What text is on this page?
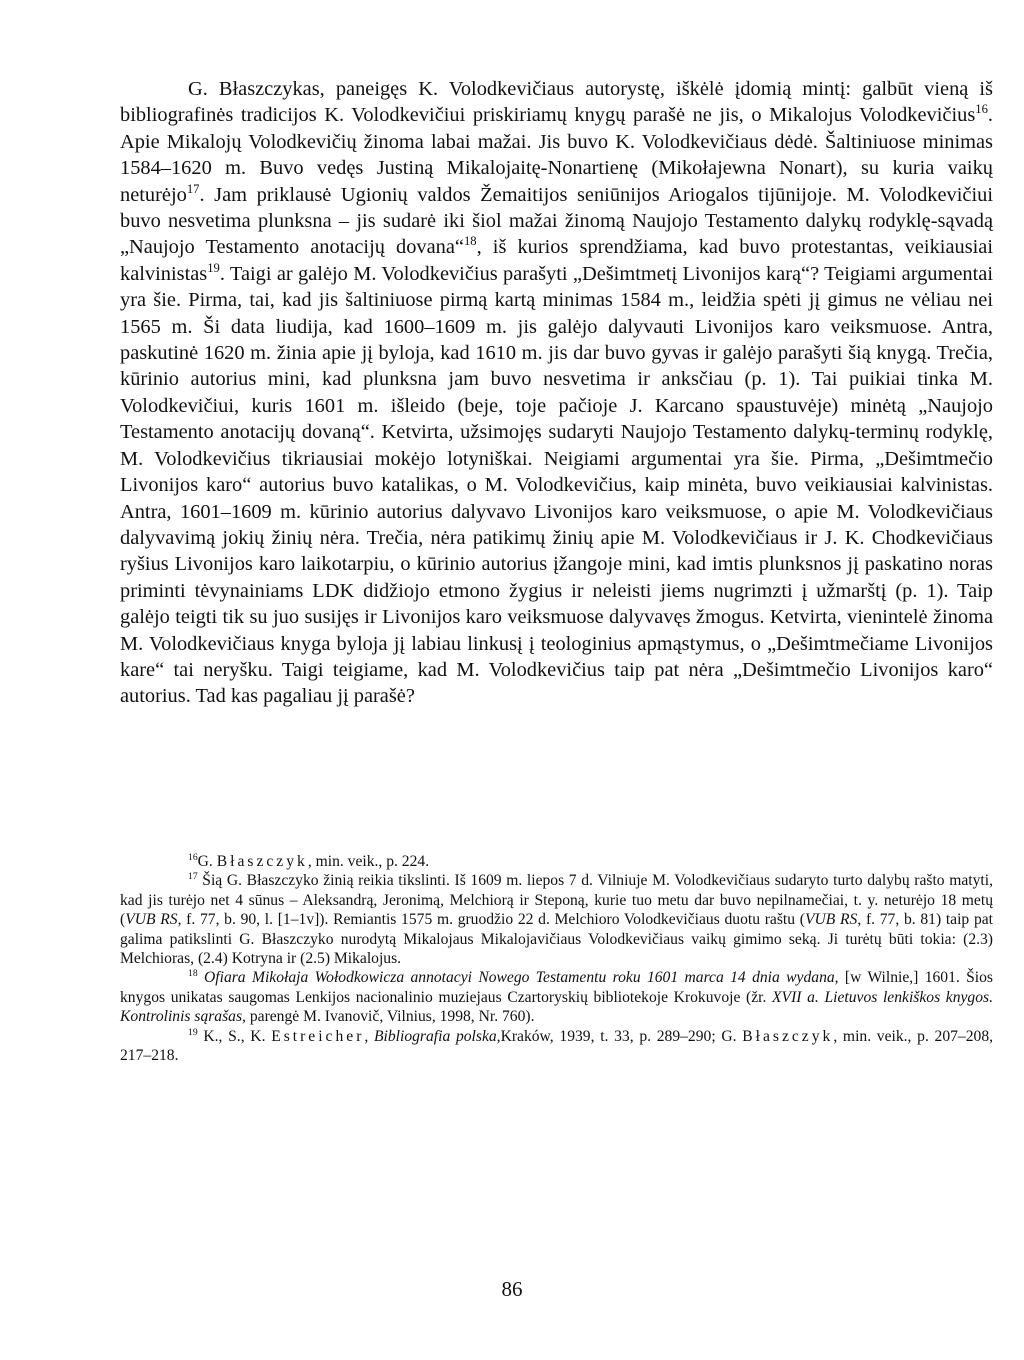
G. Błaszczykas, paneigęs K. Volodkevičiaus autorystę, iškėlė įdomią mintį: galbūt vieną iš bibliografinės tradicijos K. Volodkevičiui priskiriamų knygų parašė ne jis, o Mikalojus Volodkevičius$^{16}$. Apie Mikalojų Volodkevičių žinoma labai mažai. Jis buvo K. Volodkevičiaus dėdė. Šaltiniuose minimas 1584–1620 m. Buvo vedęs Justiną Mikalojaitę-Nonartienę (Mikołajewna Nonart), su kuria vaikų neturėjo$^{17}$. Jam priklausė Ugionių valdos Žemaitijos seniūnijos Ariogalos tijūnijoje. M. Volodkevičiui buvo nesvetima plunksna – jis sudarė iki šiol mažai žinomą Naujojo Testamento dalykų rodyklę-sąvadą „Naujojo Testamento anotacijų dovana“$^{18}$, iš kurios sprendžiama, kad buvo protestantas, veikiausiai kalvinistas$^{19}$. Taigi ar galėjo M. Volodkevičius parašyti „Dešimtmetį Livonijos karą“? Teigiami argumentai yra šie. Pirma, tai, kad jis šaltiniuose pirmą kartą minimas 1584 m., leidžia spėti jį gimus ne vėliau nei 1565 m. Ši data liudija, kad 1600–1609 m. jis galėjo dalyvauti Livonijos karo veiksmuose. Antra, paskutinė 1620 m. žinia apie jį byloja, kad 1610 m. jis dar buvo gyvas ir galėjo parašyti šią knygą. Trečia, kūrinio autorius mini, kad plunksna jam buvo nesvetima ir anksčiau (p. 1). Tai puikiai tinka M. Volodkevičiui, kuris 1601 m. išleido (beje, toje pačioje J. Karcano spaustuvėje) minėtą „Naujojo Testamento anotacijų dovaną“. Ketvirta, užsimojęs sudaryti Naujojo Testamento dalykų-terminų rodyklę, M. Volodkevičius tikriausiai mokėjo lotyniškai. Neigiami argumentai yra šie. Pirma, „Dešimtmečio Livonijos karo“ autorius buvo katalikas, o M. Volodkevičius, kaip minėta, buvo veikiausiai kalvinistas. Antra, 1601–1609 m. kūrinio autorius dalyvavo Livonijos karo veiksmuose, o apie M. Volodkevičiaus dalyvavimą jokių žinių nėra. Trečia, nėra patikimų žinių apie M. Volodkevičiaus ir J. K. Chodkevičiaus ryšius Livonijos karo laikotarpiu, o kūrinio autorius įžangoje mini, kad imtis plunksnos jį paskatino noras priminti tėvynainiams LDK didžiojo etmono žygius ir neleisti jiems nugrimzti į užmarštį (p. 1). Taip galėjo teigti tik su juo susijęs ir Livonijos karo veiksmuose dalyvavęs žmogus. Ketvirta, vienintelė žinoma M. Volodkevičiaus knyga bylojа jį labiau linkusį į teologinius apmąstymus, o „Dešimtmečiame Livonijos kare“ tai neryšku. Taigi teigiame, kad M. Volodkevičius taip pat nėra „Dešimtmečio Livonijos karo“ autorius. Tad kas pagaliau jį parašė?

$^{16}$G. Błaszczyk, min. veik., p. 224.

$^{17}$ Šią G. Błaszczyko žinią reikia tikslinti. Iš 1609 m. liepos 7 d. Vilniuje M. Volodkevičiaus sudaryto turto dalybų rašto matyti, kad jis turėjo net 4 sūnus – Aleksandrą, Jeronimą, Melchiorą ir Steponą, kurie tuo metu dar buvo nepilnamečiai, t. y. neturėjo 18 metų (VUB RS, f. 77, b. 90, l. [1–1v]). Remiantis 1575 m. gruodžio 22 d. Melchioro Volodkevičiaus duotu raštu (VUB RS, f. 77, b. 81) taip pat galima patikslinti G. Błaszczyko nurodytą Mikalojaus Mikalojavičiaus Volodkevičiaus vaikų gimimo seką. Ji turėtų būti tokia: (2.3) Melchioras, (2.4) Kotryna ir (2.5) Mikalojus.

$^{18}$ Ofiara Mikołaja Wołodkowicza annotacyi Nowego Testamentu roku 1601 marca 14 dnia wydana, [w Wilnie,] 1601. Šios knygos unikatas saugomas Lenkijos nacionalinio muziejaus Czartoryskių bibliotekoje Krokuvoje (žr. XVII a. Lietuvos lenkiškos knygos. Kontrolinis sąrašas, parengė M. Ivanovič, Vilnius, 1998, Nr. 760).

$^{19}$ K., S., K. Estreicher, Bibliografia polska,Kraków, 1939, t. 33, p. 289–290; G. Błaszczyk, min. veik., p. 207–208, 217–218.

86
